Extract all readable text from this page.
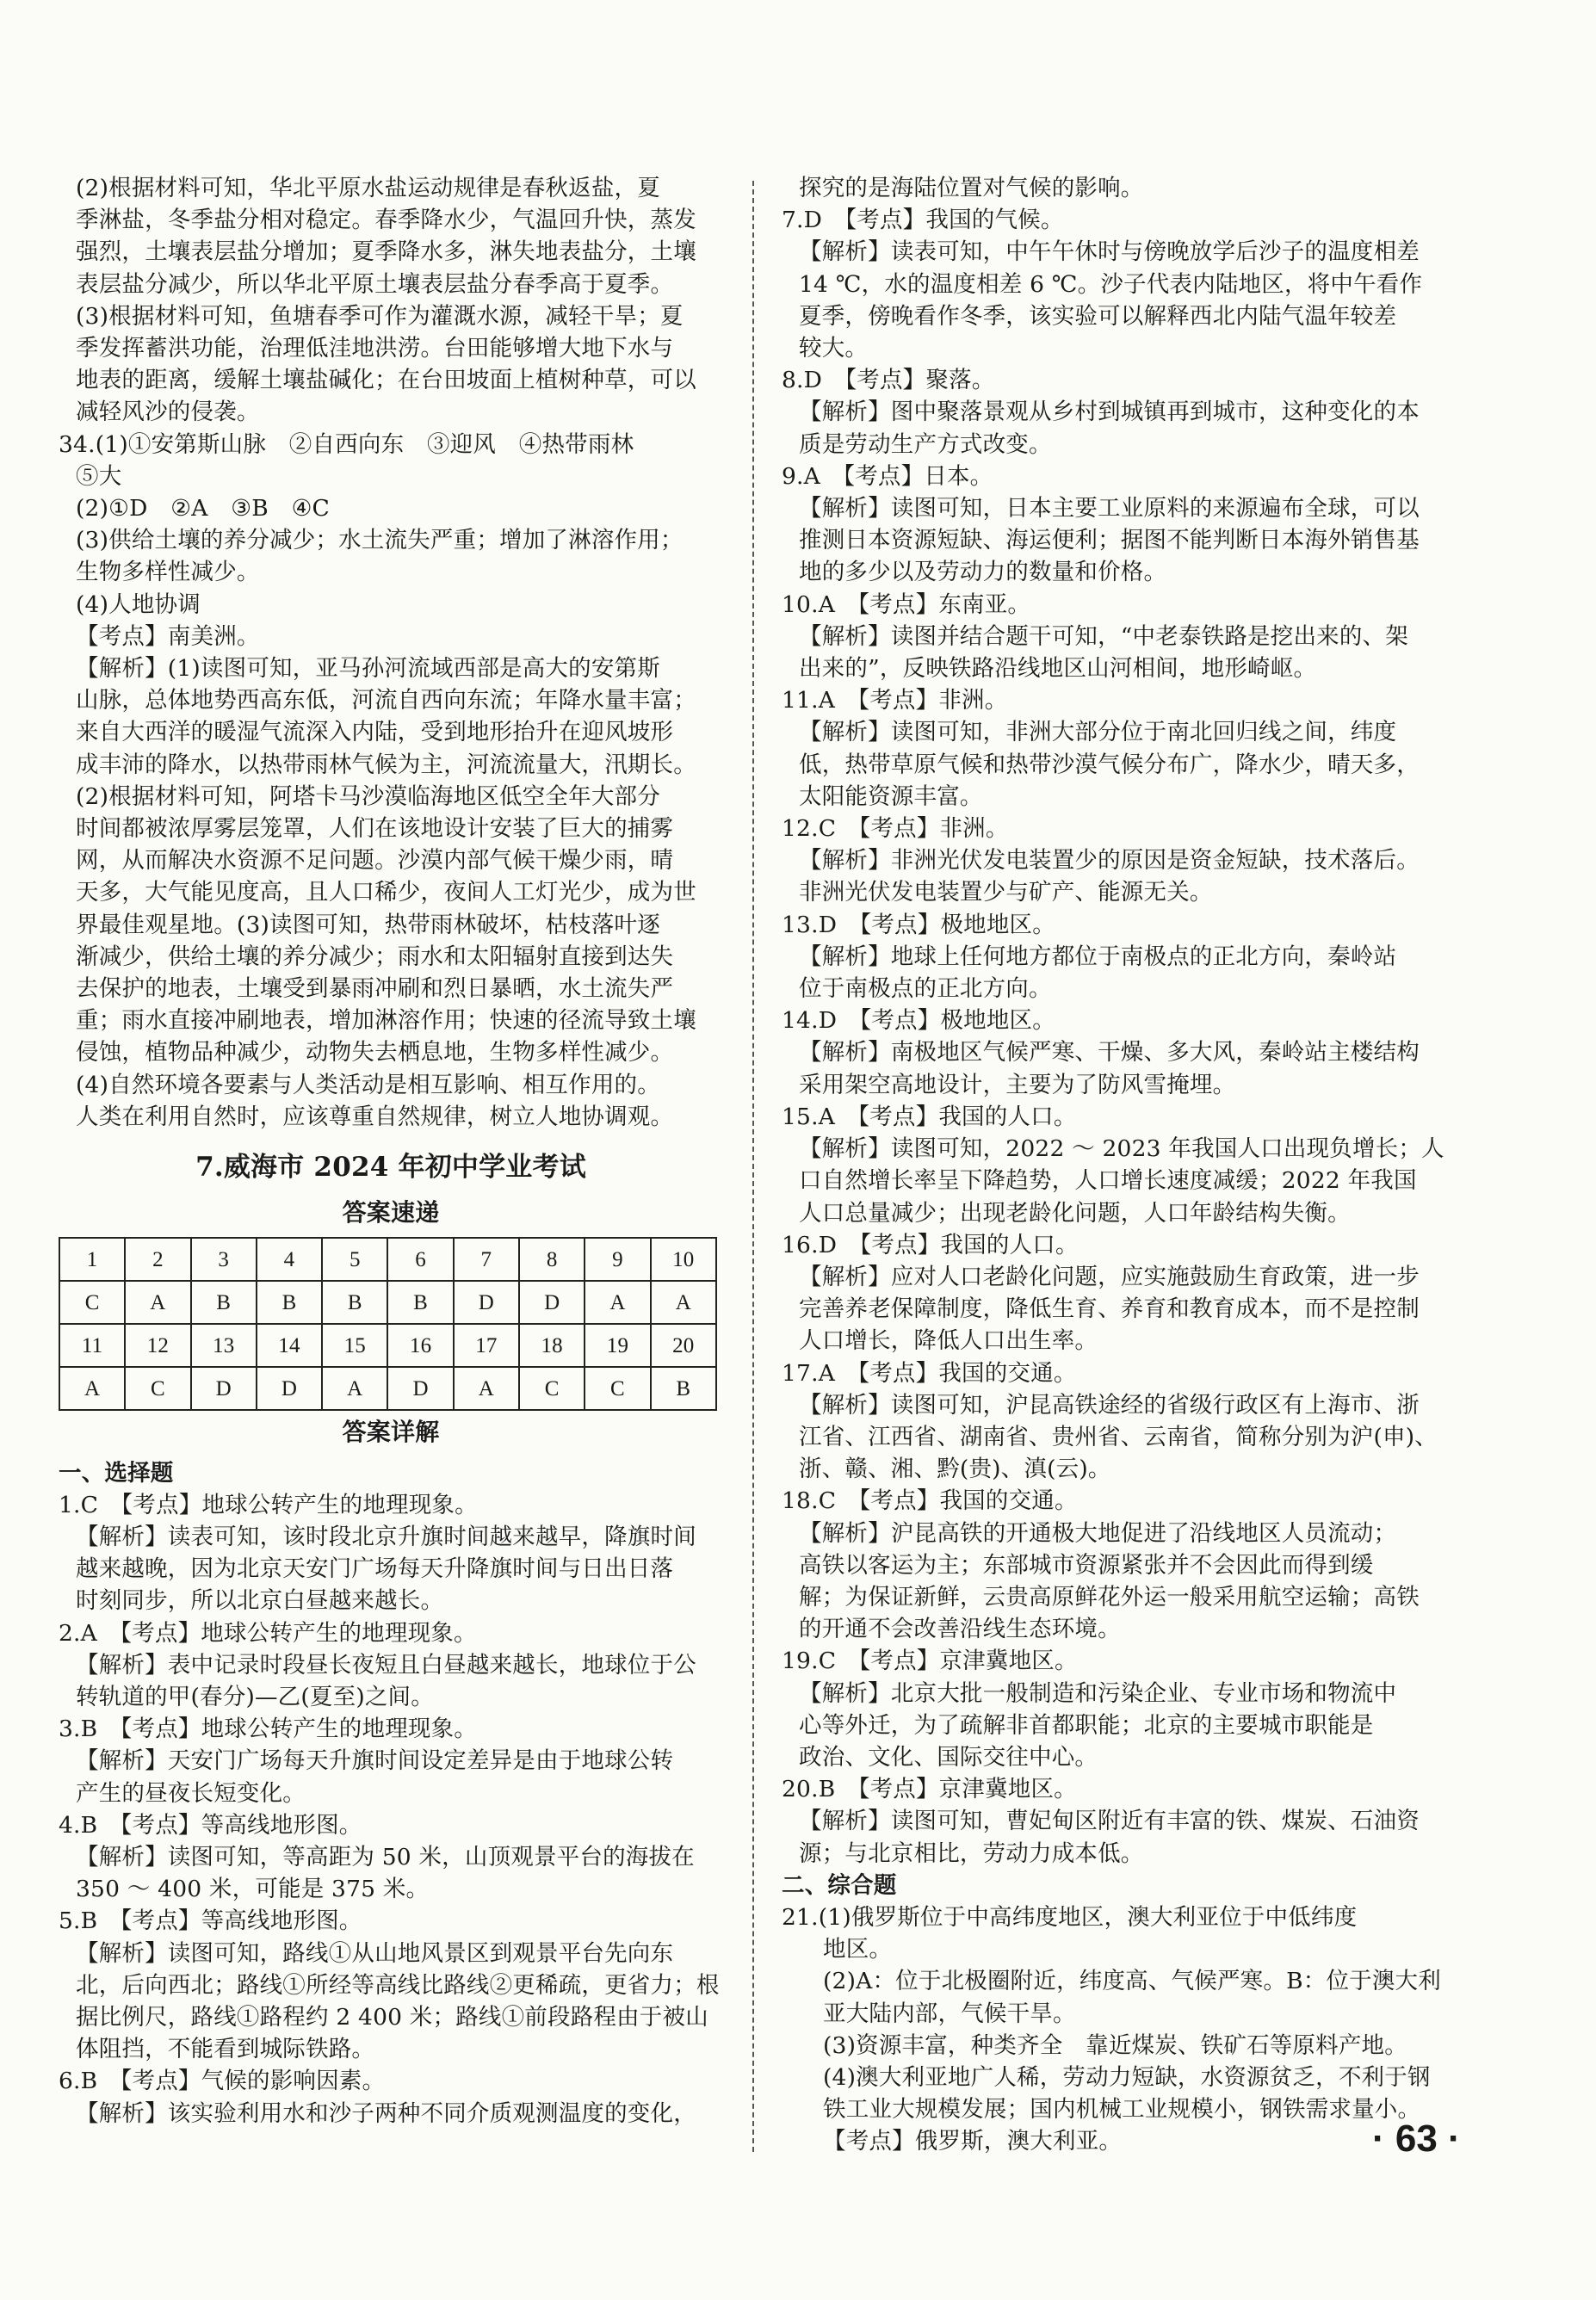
(2)根据材料可知，华北平原水盐运动规律是春秋返盐，夏
季淋盐，冬季盐分相对稳定。春季降水少，气温回升快，蒸发
强烈，土壤表层盐分增加；夏季降水多，淋失地表盐分，土壤
表层盐分减少，所以华北平原土壤表层盐分春季高于夏季。
(3)根据材料可知，鱼塘春季可作为灌溉水源，减轻干旱；夏
季发挥蓄洪功能，治理低洼地洪涝。台田能够增大地下水与
地表的距离，缓解土壤盐碱化；在台田坡面上植树种草，可以
减轻风沙的侵袭。
34.(1)①安第斯山脉　②自西向东　③迎风　④热带雨林
⑤大
(2)①D　②A　③B　④C
(3)供给土壤的养分减少；水土流失严重；增加了淋溶作用；
生物多样性减少。
(4)人地协调
【考点】南美洲。
【解析】(1)读图可知，亚马孙河流域西部是高大的安第斯
山脉，总体地势西高东低，河流自西向东流；年降水量丰富；
来自大西洋的暖湿气流深入内陆，受到地形抬升在迎风坡形
成丰沛的降水，以热带雨林气候为主，河流流量大，汛期长。
(2)根据材料可知，阿塔卡马沙漠临海地区低空全年大部分
时间都被浓厚雾层笼罩，人们在该地设计安装了巨大的捕雾
网，从而解决水资源不足问题。沙漠内部气候干燥少雨，晴
天多，大气能见度高，且人口稀少，夜间人工灯光少，成为世
界最佳观星地。(3)读图可知，热带雨林破坏，枯枝落叶逐
渐减少，供给土壤的养分减少；雨水和太阳辐射直接到达失
去保护的地表，土壤受到暴雨冲刷和烈日暴晒，水土流失严
重；雨水直接冲刷地表，增加淋溶作用；快速的径流导致土壤
侵蚀，植物品种减少，动物失去栖息地，生物多样性减少。
(4)自然环境各要素与人类活动是相互影响、相互作用的。
人类在利用自然时，应该尊重自然规律，树立人地协调观。
7.威海市 2024 年初中学业考试
答案速递
1	2	3	4	5	6	7	8	9	10
C	A	B	B	B	B	D	D	A	A
11	12	13	14	15	16	17	18	19	20
A	C	D	D	A	D	A	C	C	B
答案详解
一、选择题
1.C　【考点】地球公转产生的地理现象。
【解析】读表可知，该时段北京升旗时间越来越早，降旗时间
越来越晚，因为北京天安门广场每天升降旗时间与日出日落
时刻同步，所以北京白昼越来越长。
2.A　【考点】地球公转产生的地理现象。
【解析】表中记录时段昼长夜短且白昼越来越长，地球位于公
转轨道的甲(春分)—乙(夏至)之间。
3.B　【考点】地球公转产生的地理现象。
【解析】天安门广场每天升旗时间设定差异是由于地球公转
产生的昼夜长短变化。
4.B　【考点】等高线地形图。
【解析】读图可知，等高距为 50 米，山顶观景平台的海拔在
350 ～ 400 米，可能是 375 米。
5.B　【考点】等高线地形图。
【解析】读图可知，路线①从山地风景区到观景平台先向东
北，后向西北；路线①所经等高线比路线②更稀疏，更省力；根
据比例尺，路线①路程约 2 400 米；路线①前段路程由于被山
体阻挡，不能看到城际铁路。
6.B　【考点】气候的影响因素。
【解析】该实验利用水和沙子两种不同介质观测温度的变化，
探究的是海陆位置对气候的影响。
7.D　【考点】我国的气候。
【解析】读表可知，中午午休时与傍晚放学后沙子的温度相差
14 ℃，水的温度相差 6 ℃。沙子代表内陆地区，将中午看作
夏季，傍晚看作冬季，该实验可以解释西北内陆气温年较差
较大。
8.D　【考点】聚落。
【解析】图中聚落景观从乡村到城镇再到城市，这种变化的本
质是劳动生产方式改变。
9.A　【考点】日本。
【解析】读图可知，日本主要工业原料的来源遍布全球，可以
推测日本资源短缺、海运便利；据图不能判断日本海外销售基
地的多少以及劳动力的数量和价格。
10.A　【考点】东南亚。
【解析】读图并结合题干可知，“中老泰铁路是挖出来的、架
出来的”，反映铁路沿线地区山河相间，地形崎岖。
11.A　【考点】非洲。
【解析】读图可知，非洲大部分位于南北回归线之间，纬度
低，热带草原气候和热带沙漠气候分布广，降水少，晴天多，
太阳能资源丰富。
12.C　【考点】非洲。
【解析】非洲光伏发电装置少的原因是资金短缺，技术落后。
非洲光伏发电装置少与矿产、能源无关。
13.D　【考点】极地地区。
【解析】地球上任何地方都位于南极点的正北方向，秦岭站
位于南极点的正北方向。
14.D　【考点】极地地区。
【解析】南极地区气候严寒、干燥、多大风，秦岭站主楼结构
采用架空高地设计，主要为了防风雪掩埋。
15.A　【考点】我国的人口。
【解析】读图可知，2022 ～ 2023 年我国人口出现负增长；人
口自然增长率呈下降趋势，人口增长速度减缓；2022 年我国
人口总量减少；出现老龄化问题，人口年龄结构失衡。
16.D　【考点】我国的人口。
【解析】应对人口老龄化问题，应实施鼓励生育政策，进一步
完善养老保障制度，降低生育、养育和教育成本，而不是控制
人口增长，降低人口出生率。
17.A　【考点】我国的交通。
【解析】读图可知，沪昆高铁途经的省级行政区有上海市、浙
江省、江西省、湖南省、贵州省、云南省，简称分别为沪(申)、
浙、赣、湘、黔(贵)、滇(云)。
18.C　【考点】我国的交通。
【解析】沪昆高铁的开通极大地促进了沿线地区人员流动；
高铁以客运为主；东部城市资源紧张并不会因此而得到缓
解；为保证新鲜，云贵高原鲜花外运一般采用航空运输；高铁
的开通不会改善沿线生态环境。
19.C　【考点】京津冀地区。
【解析】北京大批一般制造和污染企业、专业市场和物流中
心等外迁，为了疏解非首都职能；北京的主要城市职能是
政治、文化、国际交往中心。
20.B　【考点】京津冀地区。
【解析】读图可知，曹妃甸区附近有丰富的铁、煤炭、石油资
源；与北京相比，劳动力成本低。
二、综合题
21.(1)俄罗斯位于中高纬度地区，澳大利亚位于中低纬度
地区。
(2)A：位于北极圈附近，纬度高、气候严寒。B：位于澳大利
亚大陆内部，气候干旱。
(3)资源丰富，种类齐全　靠近煤炭、铁矿石等原料产地。
(4)澳大利亚地广人稀，劳动力短缺，水资源贫乏，不利于钢
铁工业大规模发展；国内机械工业规模小，钢铁需求量小。
【考点】俄罗斯，澳大利亚。	· 63 ·
